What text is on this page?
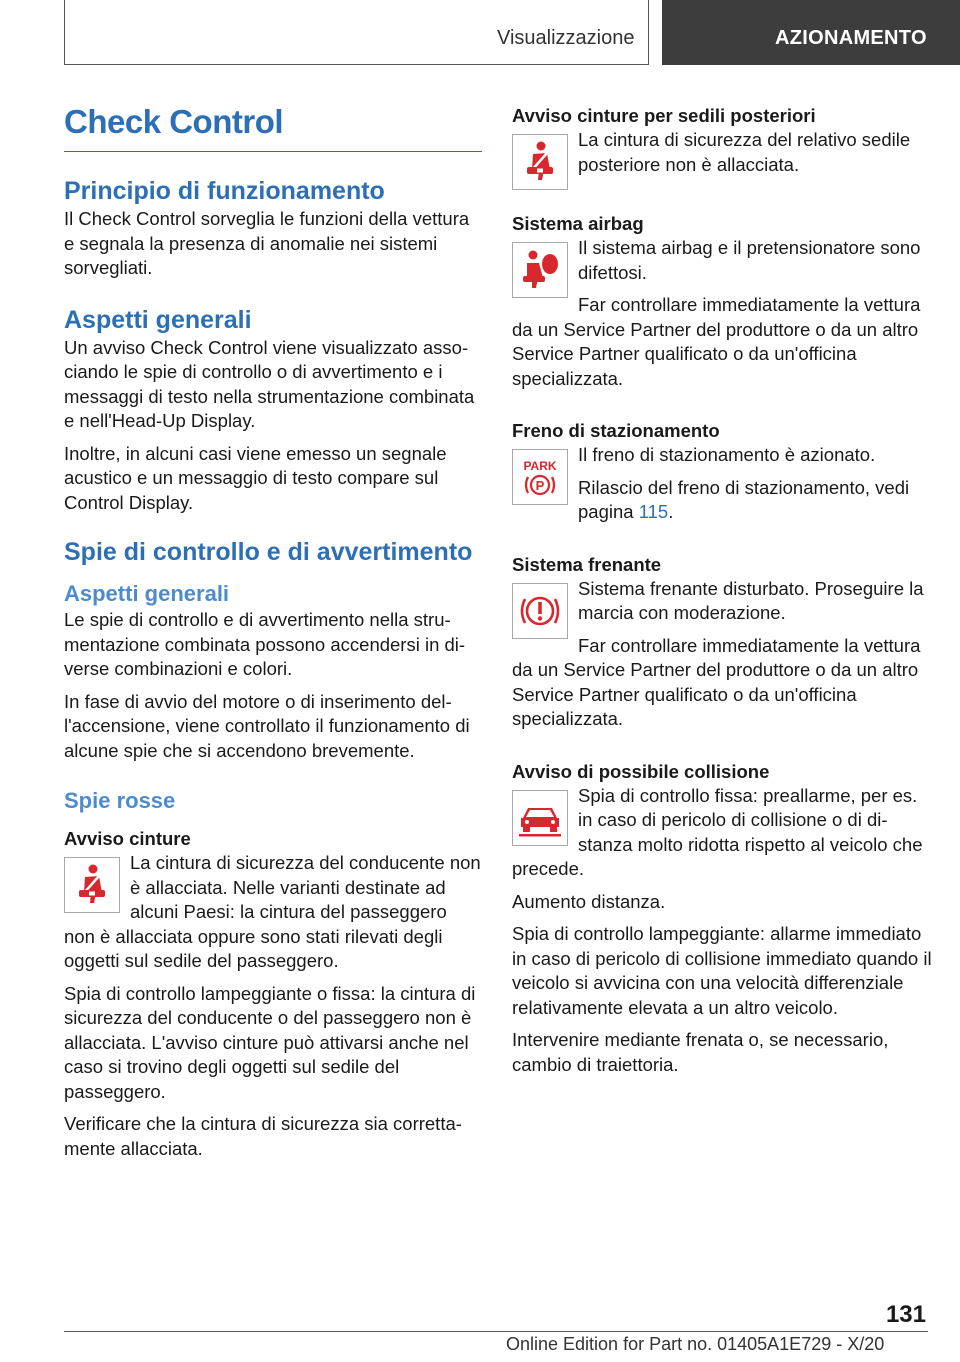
Visualizzazione	AZIONAMENTO
Check Control
Principio di funzionamento

Il Check Control sorveglia le funzioni della vettura e segnala la presenza di anomalie nei sistemi sorvegliati.

Aspetti generali

Un avviso Check Control viene visualizzato associando le spie di controllo o di avvertimento e i messaggi di testo nella strumentazione combinata e nell'Head-Up Display.

Inoltre, in alcuni casi viene emesso un segnale acustico e un messaggio di testo compare sul Control Display.

Spie di controllo e di avvertimento
Aspetti generali

Le spie di controllo e di avvertimento nella strumentazione combinata possono accendersi in diverse combinazioni e colori.

In fase di avvio del motore o di inserimento dell'accensione, viene controllato il funzionamento di alcune spie che si accendono brevemente.

Spie rosse
Avviso cinture

La cintura di sicurezza del conducente non è allacciata. Nelle varianti destinate ad alcuni Paesi: la cintura del passeggero non è allacciata oppure sono stati rilevati degli oggetti sul sedile del passeggero.

Spia di controllo lampeggiante o fissa: la cintura di sicurezza del conducente o del passeggero non è allacciata. L'avviso cinture può attivarsi anche nel caso si trovino degli oggetti sul sedile del passeggero.

Verificare che la cintura di sicurezza sia correttamente allacciata.

Avviso cinture per sedili posteriori

La cintura di sicurezza del relativo sedile posteriore non è allacciata.

Sistema airbag

Il sistema airbag e il pretensionatore sono difettosi.

Far controllare immediatamente la vettura da un Service Partner del produttore o da un altro Service Partner qualificato o da un'officina specializzata.

Freno di stazionamento
PARK
P

Il freno di stazionamento è azionato.

Rilascio del freno di stazionamento, vedi pagina 115.

Sistema frenante

Sistema frenante disturbato. Proseguire la marcia con moderazione.

Far controllare immediatamente la vettura da un Service Partner del produttore o da un altro Service Partner qualificato o da un'officina specializzata.

Avviso di possibile collisione

Spia di controllo fissa: preallarme, per es. in caso di pericolo di collisione o di distanza molto ridotta rispetto al veicolo che precede.

Aumento distanza.

Spia di controllo lampeggiante: allarme immediato in caso di pericolo di collisione immediato quando il veicolo si avvicina con una velocità differenziale relativamente elevata a un altro veicolo.

Intervenire mediante frenata o, se necessario, cambio di traiettoria.

131
Online Edition for Part no. 01405A1E729 - X/20
